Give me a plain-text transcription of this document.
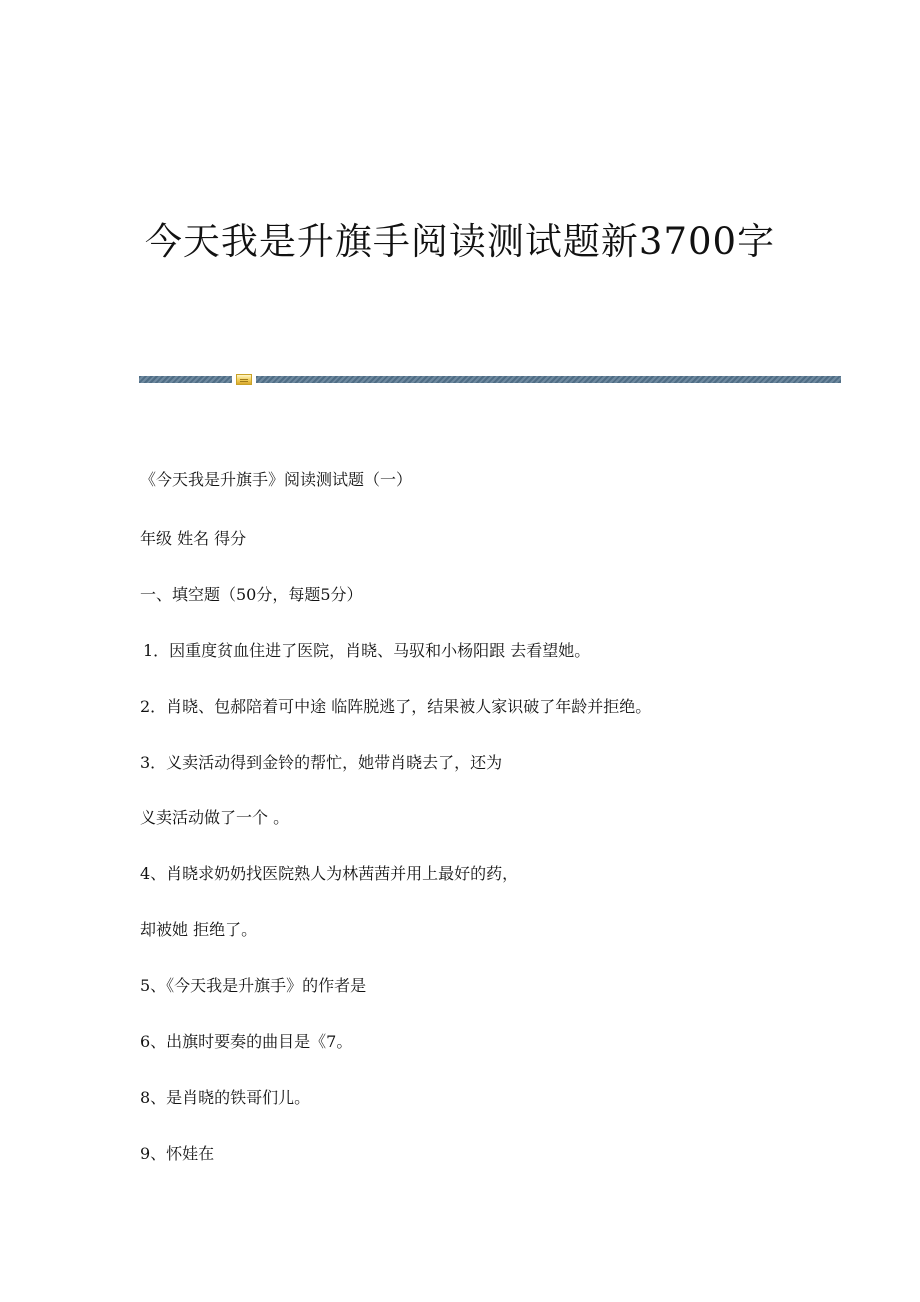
今天我是升旗手阅读测试题新3700字

《今天我是升旗手》阅读测试题（一）

年级 姓名 得分

一、填空题（50分，每题5分）

1．因重度贫血住进了医院，肖晓、马驭和小杨阳跟 去看望她。

2．肖晓、包郝陪着可中途 临阵脱逃了，结果被人家识破了年龄并拒绝。

3．义卖活动得到金铃的帮忙，她带肖晓去了，还为

义卖活动做了一个 。

4、肖晓求奶奶找医院熟人为林茜茜并用上最好的药，

却被她 拒绝了。

5、《今天我是升旗手》的作者是

6、出旗时要奏的曲目是《7。

8、是肖晓的铁哥们儿。

9、怀娃在
